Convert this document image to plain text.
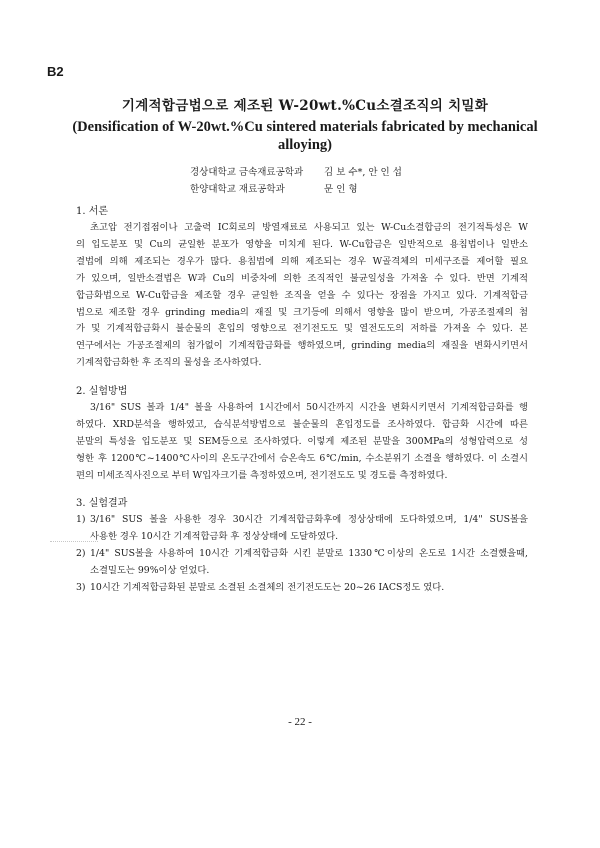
B2

기계적합금법으로 제조된 W-20wt.%Cu소결조직의 치밀화

(Densification of W-20wt.%Cu sintered materials fabricated by mechanical
alloying)

경상대학교 금속재료공학과	김 보 수*, 안 인 섭
한양대학교 재료공학과	문 인 형

1. 서론

초고압 전기접점이나 고출력 IC회로의 방열재료로 사용되고 있는 W-Cu소결합금의 전기적특성은 W
의 입도분포 및 Cu의 균일한 분포가 영향을 미치게 된다. W-Cu합금은 일반적으로 용침법이나 일반소
결법에 의해 제조되는 경우가 많다. 용침법에 의해 제조되는 경우 W골격체의 미세구조를 제어할 필요
가 있으며, 일반소결법은 W과 Cu의 비중차에 의한 조직적인 불균일성을 가져올 수 있다. 반면 기계적
합금화법으로 W-Cu합금을 제조할 경우 균일한 조직을 얻을 수 있다는 장점을 가지고 있다. 기계적합금
법으로 제조할 경우 grinding media의 재질 및 크기등에 의해서 영향을 많이 받으며, 가공조절제의 첨
가 및 기계적합금화시 불순물의 혼입의 영향으로 전기전도도 및 열전도도의 저하를 가져올 수 있다. 본
연구에서는 가공조절제의 첨가없이 기계적합금화를 행하였으며, grinding media의 재질을 변화시키면서
기계적합금화한 후 조직의 물성을 조사하였다.

2. 실험방법

3/16" SUS 볼과 1/4" 볼을 사용하여 1시간에서 50시간까지 시간을 변화시키면서 기계적합금화를 행
하였다. XRD분석을 행하였고, 습식분석방법으로 불순물의 혼입정도를 조사하였다. 합금화 시간에 따른
분말의 특성을 입도분포 및 SEM등으로 조사하였다. 이렇게 제조된 분말을 300MPa의 성형압력으로 성
형한 후 1200℃~1400℃사이의 온도구간에서 승온속도 6℃/min, 수소분위기 소결을 행하였다. 이 소결시
편의 미세조직사진으로 부터 W입자크기를 측정하였으며, 전기전도도 및 경도를 측정하였다.

3. 실험결과

1) 3/16" SUS 볼을 사용한 경우 30시간 기계적합금화후에 정상상태에 도다하였으며, 1/4" SUS볼을
사용한 경우 10시간 기계적합금화 후 정상상태에 도달하였다.
2) 1/4" SUS볼을 사용하여 10시간 기계적합금화 시킨 분말로 1330℃이상의 온도로 1시간 소결했을때,
소결밀도는 99%이상 얻었다.
3) 10시간 기계적합금화된 분말로 소결된 소결체의 전기전도도는 20~26 IACS정도 였다.
- 22 -
